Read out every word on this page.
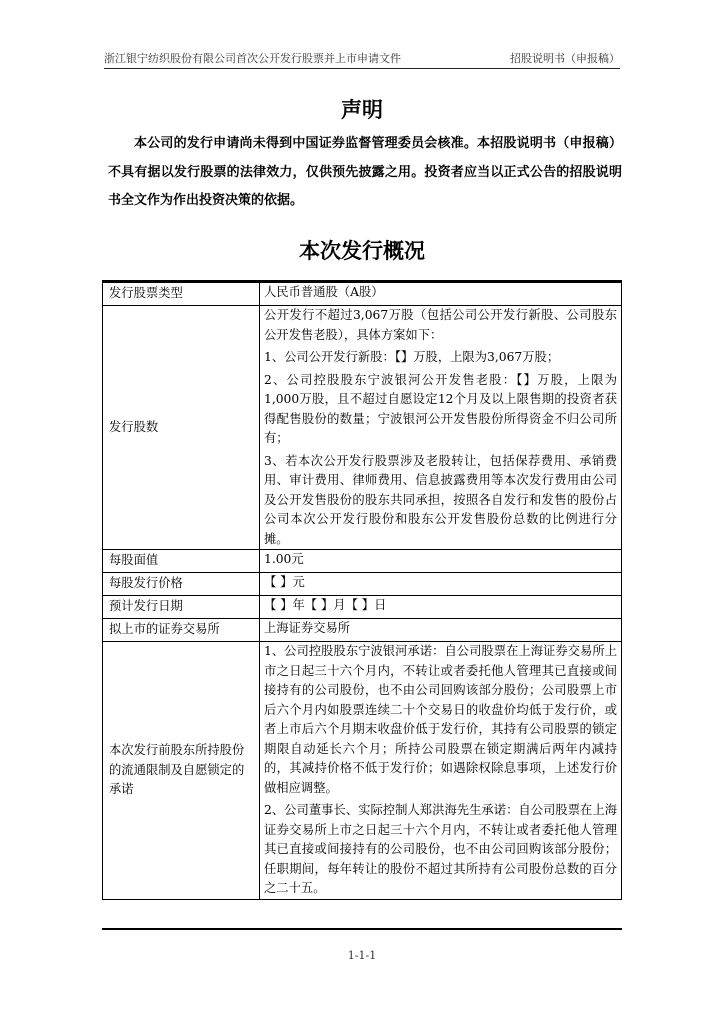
浙江银宁纺织股份有限公司首次公开发行股票并上市申请文件	招股说明书（申报稿）
声明

本公司的发行申请尚未得到中国证券监督管理委员会核准。本招股说明书（申报稿）不具有据以发行股票的法律效力，仅供预先披露之用。投资者应当以正式公告的招股说明书全文作为作出投资决策的依据。

本次发行概况
发行股票类型	人民币普通股（A股）

发行股数	公开发行不超过3,067万股（包括公司公开发行新股、公司股东公开发售老股），具体方案如下：

1、公司公开发行新股：【】万股，上限为3,067万股；

2、公司控股股东宁波银河公开发售老股：【】万股，上限为1,000万股，且不超过自愿设定12个月及以上限售期的投资者获得配售股份的数量；宁波银河公开发售股份所得资金不归公司所有；

3、若本次公开发行股票涉及老股转让，包括保荐费用、承销费用、审计费用、律师费用、信息披露费用等本次发行费用由公司及公开发售股份的股东共同承担，按照各自发行和发售的股份占公司本次公开发行股份和股东公开发售股份总数的比例进行分摊。

每股面值	1.00元

每股发行价格	【 】元

预计发行日期	【 】年【 】月【 】日

拟上市的证券交易所	上海证券交易所

本次发行前股东所持股份的流通限制及自愿锁定的承诺	1、公司控股股东宁波银河承诺：自公司股票在上海证券交易所上市之日起三十六个月内，不转让或者委托他人管理其已直接或间接持有的公司股份，也不由公司回购该部分股份；公司股票上市后六个月内如股票连续二十个交易日的收盘价均低于发行价，或者上市后六个月期末收盘价低于发行价，其持有公司股票的锁定期限自动延长六个月；所持公司股票在锁定期满后两年内减持的，其减持价格不低于发行价；如遇除权除息事项，上述发行价做相应调整。

2、公司董事长、实际控制人郑洪海先生承诺：自公司股票在上海证券交易所上市之日起三十六个月内，不转让或者委托他人管理其已直接或间接持有的公司股份，也不由公司回购该部分股份；任职期间，每年转让的股份不超过其所持有公司股份总数的百分之二十五。

1-1-1
